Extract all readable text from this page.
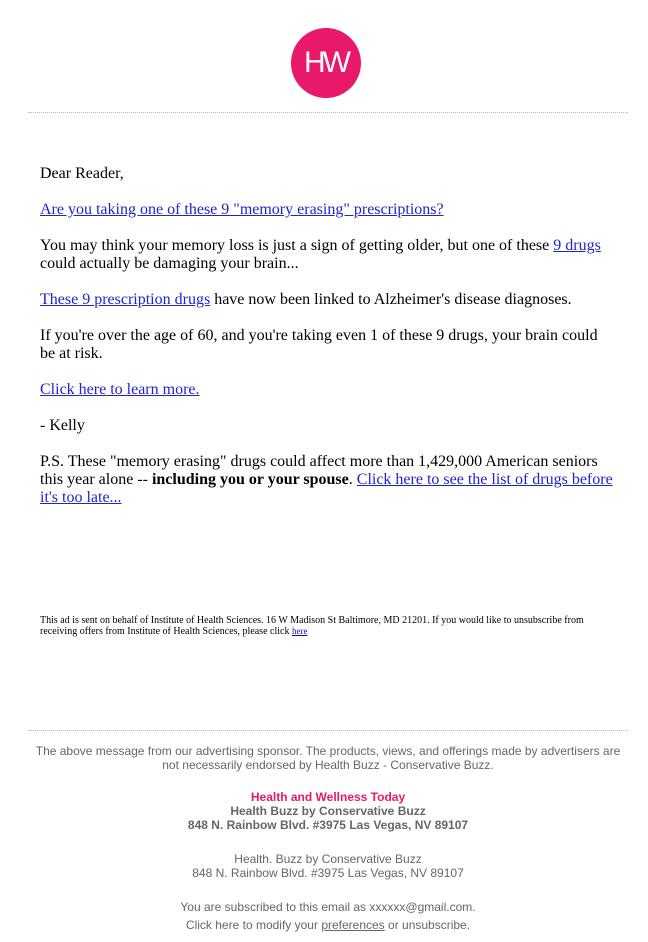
HW

Dear Reader,

Are you taking one of these 9 "memory erasing" prescriptions?

You may think your memory loss is just a sign of getting older, but one of these 9 drugs could actually be damaging your brain...

These 9 prescription drugs have now been linked to Alzheimer's disease diagnoses.

If you're over the age of 60, and you're taking even 1 of these 9 drugs, your brain could be at risk.

Click here to learn more.

- Kelly

P.S. These "memory erasing" drugs could affect more than 1,429,000 American seniors this year alone -- including you or your spouse. Click here to see the list of drugs before it's too late...

This ad is sent on behalf of Institute of Health Sciences. 16 W Madison St Baltimore, MD 21201. If you would like to unsubscribe from receiving offers from Institute of Health Sciences, please click here

The above message from our advertising sponsor. The products, views, and offerings made by advertisers are not necessarily endorsed by Health Buzz - Conservative Buzz.

Health and Wellness Today

Health Buzz by Conservative Buzz

848 N. Rainbow Blvd. #3975 Las Vegas, NV 89107

Health. Buzz by Conservative Buzz

848 N. Rainbow Blvd. #3975 Las Vegas, NV 89107

You are subscribed to this email as xxxxxx@gmail.com.

Click here to modify your preferences or unsubscribe.
